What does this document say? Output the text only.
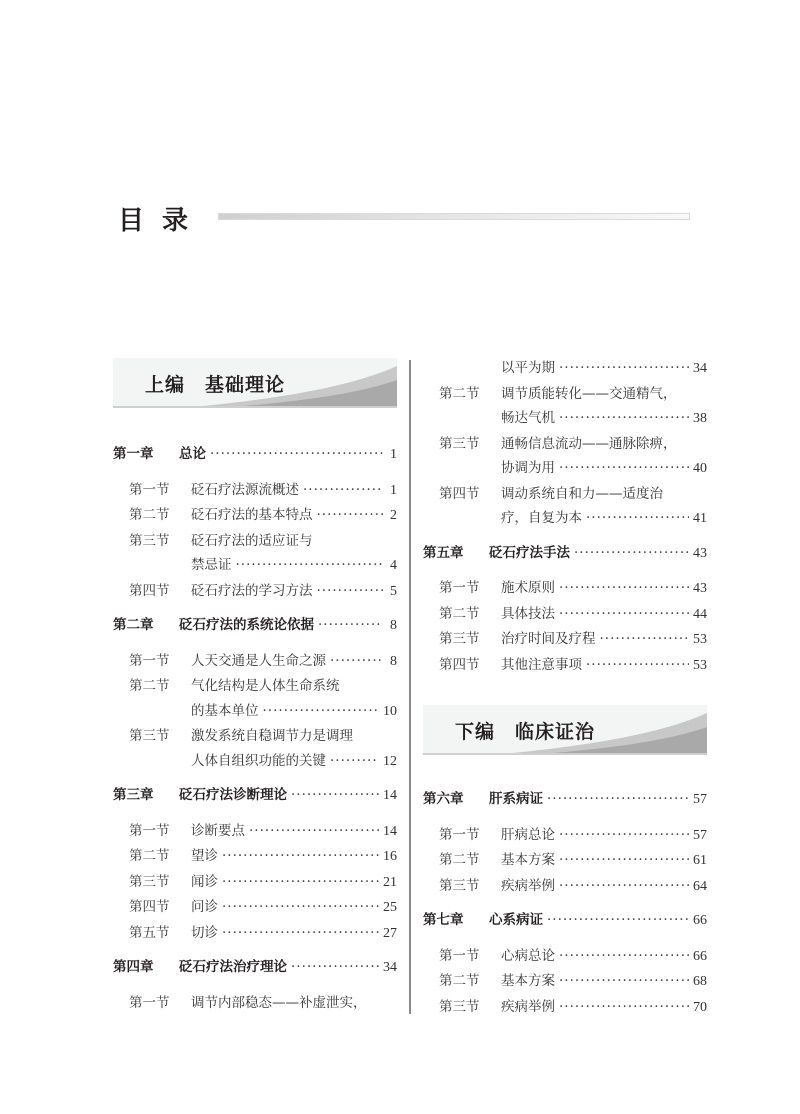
目录
上编 基础理论
第一章	总论 ·····	1
第一节	砭石疗法源流概述 ·····	1
第二节	砭石疗法的基本特点 ·····	2
第三节	砭石疗法的适应证与
禁忌证 ·····	4
第四节	砭石疗法的学习方法 ·····	5
第二章	砭石疗法的系统论依据 ·····	8
第一节	人天交通是人生命之源 ·····	8
第二节	气化结构是人体生命系统
的基本单位 ·····	10
第三节	激发系统自稳调节力是调理
人体自组织功能的关键 ·····	12
第三章	砭石疗法诊断理论 ·····	14
第一节	诊断要点 ·····	14
第二节	望诊 ·····	16
第三节	闻诊 ·····	21
第四节	问诊 ·····	25
第五节	切诊 ·····	27
第四章	砭石疗法治疗理论 ·····	34
第一节	调节内部稳态——补虚泄实，
以平为期 ·····	34
第二节	调节质能转化——交通精气，
畅达气机 ·····	38
第三节	通畅信息流动——通脉除痹，
协调为用 ·····	40
第四节	调动系统自和力——适度治
疗，自复为本 ·····	41
第五章	砭石疗法手法 ·····	43
第一节	施术原则 ·····	43
第二节	具体技法 ·····	44
第三节	治疗时间及疗程 ·····	53
第四节	其他注意事项 ·····	53
下编 临床证治
第六章	肝系病证 ·····	57
第一节	肝病总论 ·····	57
第二节	基本方案 ·····	61
第三节	疾病举例 ·····	64
第七章	心系病证 ·····	66
第一节	心病总论 ·····	66
第二节	基本方案 ·····	68
第三节	疾病举例 ·····	70
